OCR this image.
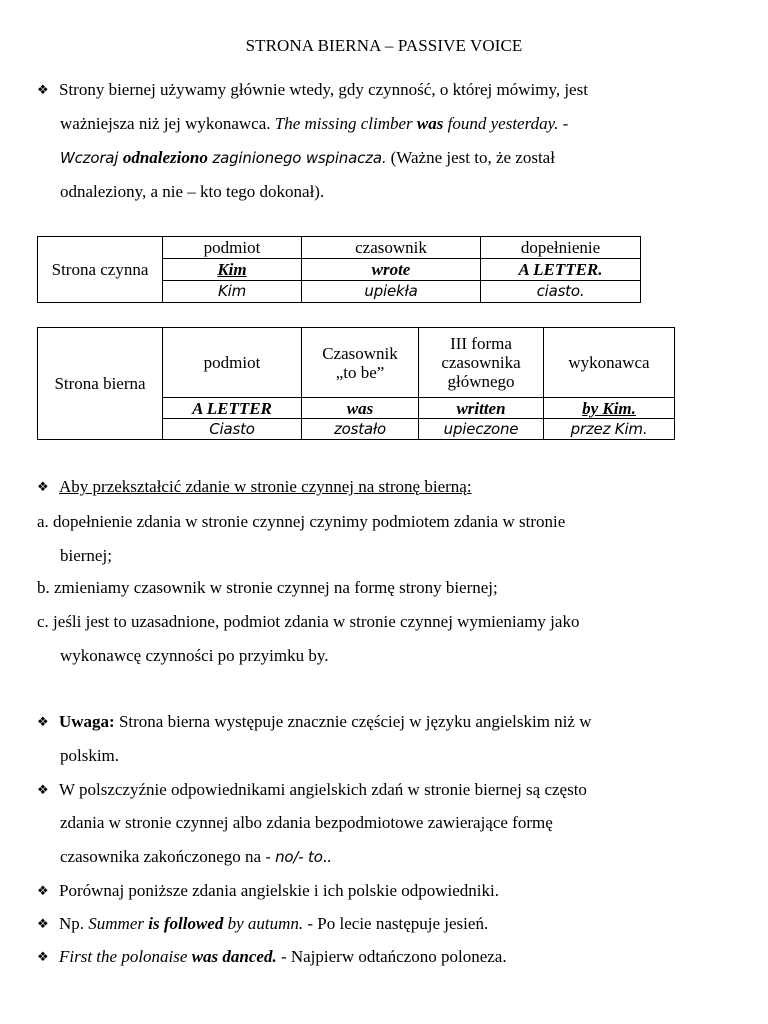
STRONA BIERNA – PASSIVE VOICE
❖ Strony biernej używamy głównie wtedy, gdy czynność, o której mówimy, jest
ważniejsza niż jej wykonawca. The missing climber was found yesterday. -
Wczoraj odnaleziono zaginionego wspinacza. (Ważne jest to, że został
odnaleziony, a nie – kto tego dokonał).
Strona czynna	podmiot	czasownik	dopełnienie
	Kim	wrote	A LETTER.
	Kim	upiekła	ciasto.
Strona bierna	podmiot	Czasownik „to be”	III forma czasownika głównego	wykonawca
	A LETTER	was	written	by Kim.
	Ciasto	zostało	upieczone	przez Kim.
❖ Aby przekształcić zdanie w stronie czynnej na stronę bierną:
a. dopełnienie zdania w stronie czynnej czynimy podmiotem zdania w stronie
biernej;
b. zmieniamy czasownik w stronie czynnej na formę strony biernej;
c. jeśli jest to uzasadnione, podmiot zdania w stronie czynnej wymieniamy jako
wykonawcę czynności po przyimku by.
❖ Uwaga: Strona bierna występuje znacznie częściej w języku angielskim niż w
polskim.
❖ W polszczyźnie odpowiednikami angielskich zdań w stronie biernej są często
zdania w stronie czynnej albo zdania bezpodmiotowe zawierające formę
czasownika zakończonego na - no/- to..
❖ Porównaj poniższe zdania angielskie i ich polskie odpowiedniki.
❖ Np. Summer is followed by autumn. - Po lecie następuje jesień.
❖ First the polonaise was danced. - Najpierw odtańczono poloneza.
